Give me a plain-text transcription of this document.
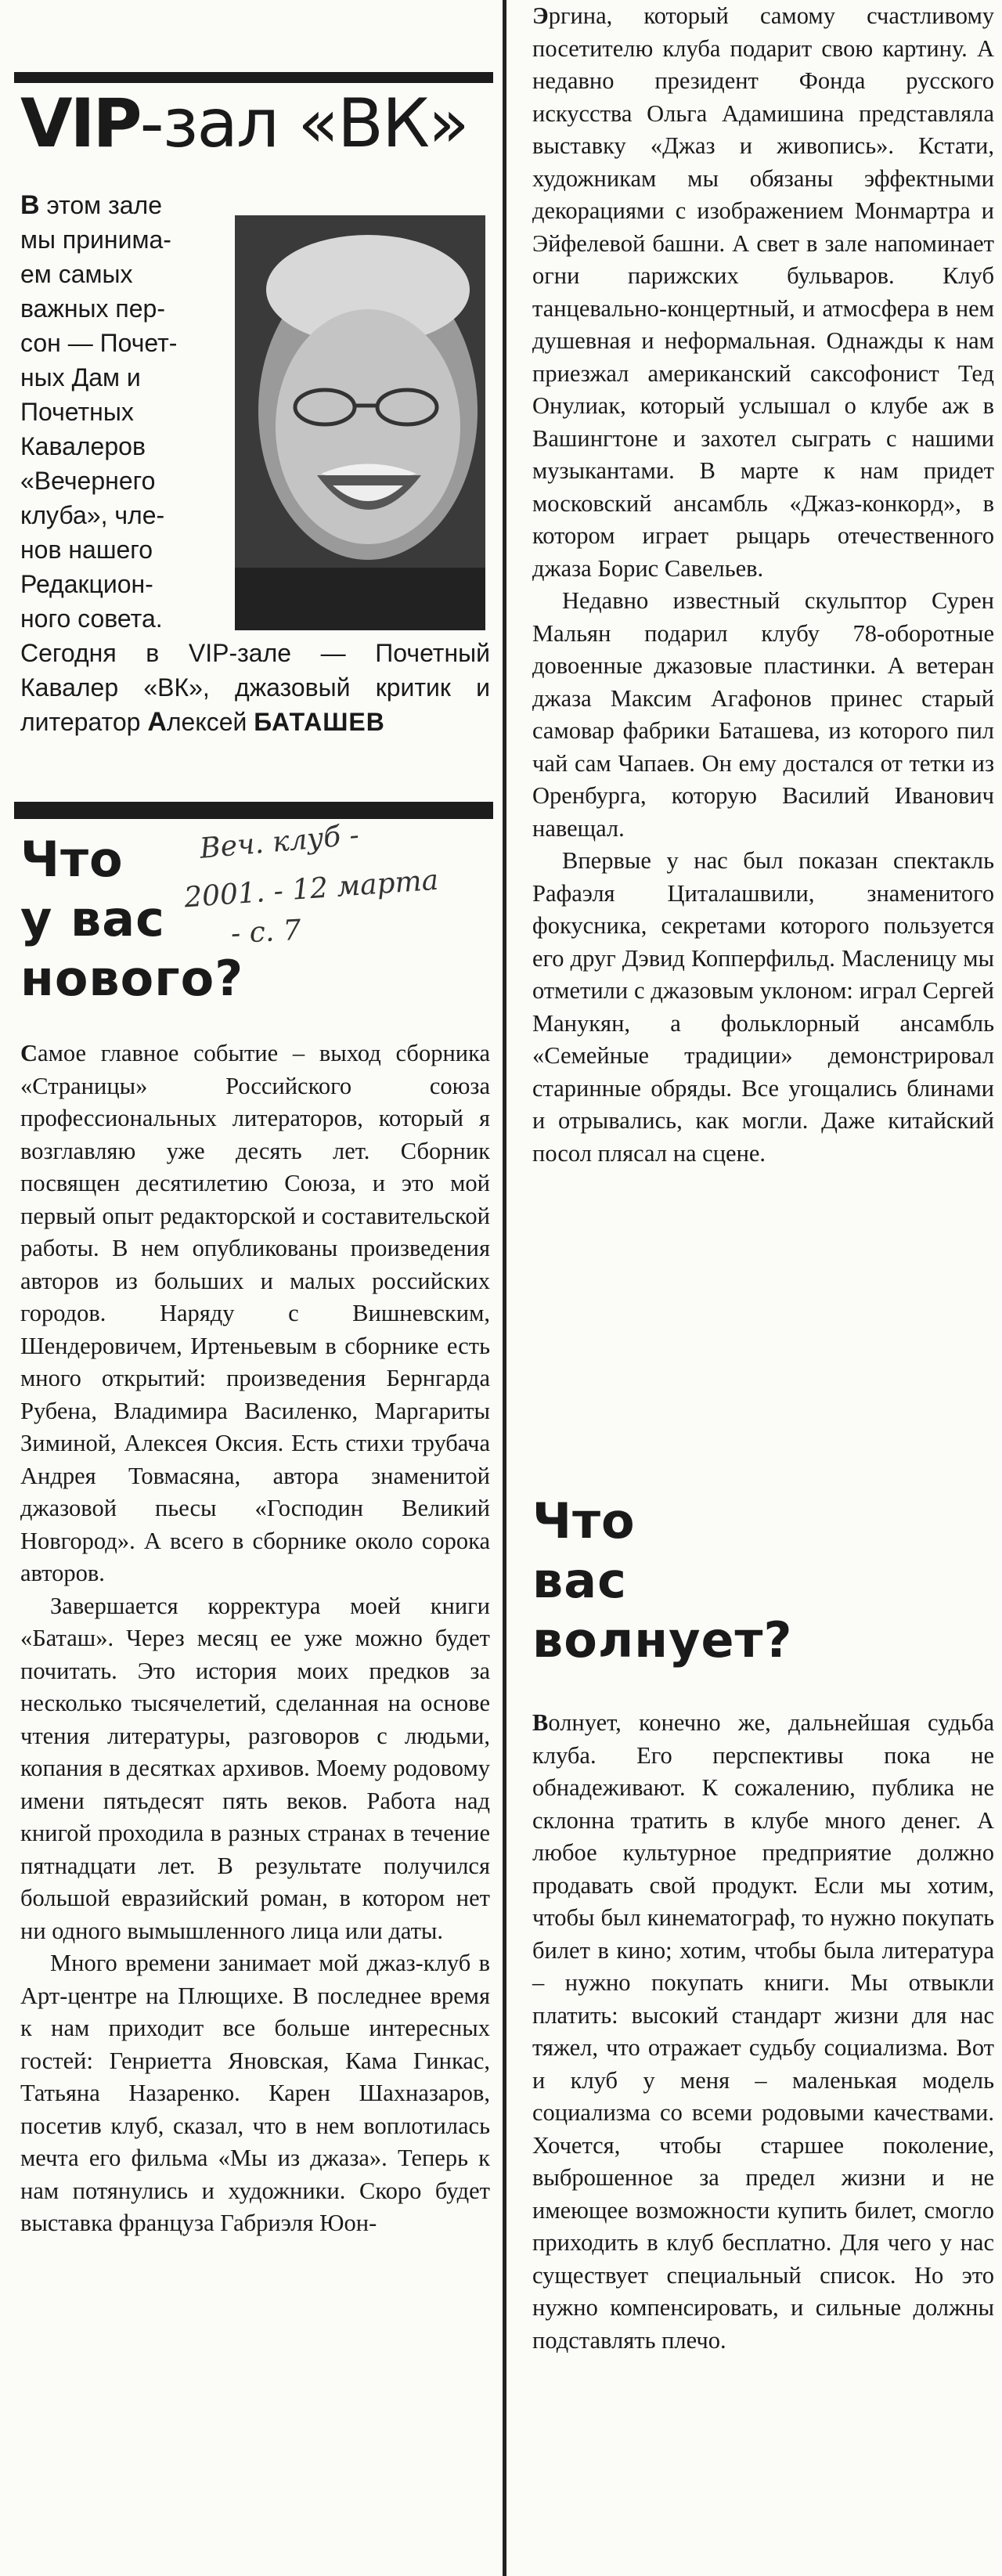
VIP-зал «ВК»
В этом зале
мы принима-
ем самых
важных пер-
сон — Почет-
ных Дам и
Почетных
Кавалеров
«Вечернего
клуба», чле-
нов нашего
Редакцион-
ного совета.
Сегодня в VIP-зале — Почетный Кавалер «ВК», джазовый критик и литератор Алексей БАТАШЕВ
Что
у вас
нового?
Веч. клуб -
2001. - 12 марта
- с. 7

Самое главное событие – выход сборника «Страницы» Российского союза профессиональных литераторов, который я возглавляю уже десять лет. Сборник посвящен десятилетию Союза, и это мой первый опыт редакторской и составительской работы. В нем опубликованы произведения авторов из больших и малых российских городов. Наряду с Вишневским, Шендеровичем, Иртеньевым в сборнике есть много открытий: произведения Бернгарда Рубена, Владимира Василенко, Маргариты Зиминой, Алексея Оксия. Есть стихи трубача Андрея Товмасяна, автора знаменитой джазовой пьесы «Господин Великий Новгород». А всего в сборнике около сорока авторов.

Завершается корректура моей книги «Баташ». Через месяц ее уже можно будет почитать. Это история моих предков за несколько тысячелетий, сделанная на основе чтения литературы, разговоров с людьми, копания в десятках архивов. Моему родовому имени пятьдесят пять веков. Работа над книгой проходила в разных странах в течение пятнадцати лет. В результате получился большой евразийский роман, в котором нет ни одного вымышленного лица или даты.

Много времени занимает мой джаз-клуб в Арт-центре на Плющихе. В последнее время к нам приходит все больше интересных гостей: Генриетта Яновская, Кама Гинкас, Татьяна Назаренко. Карен Шахназаров, посетив клуб, сказал, что в нем воплотилась мечта его фильма «Мы из джаза». Теперь к нам потянулись и художники. Скоро будет выставка француза Габриэля Юон-

Эргина, который самому счастливому посетителю клуба подарит свою картину. А недавно президент Фонда русского искусства Ольга Адамишина представляла выставку «Джаз и живопись». Кстати, художникам мы обязаны эффектными декорациями с изображением Монмартра и Эйфелевой башни. А свет в зале напоминает огни парижских бульваров. Клуб танцевально-концертный, и атмосфера в нем душевная и неформальная. Однажды к нам приезжал американский саксофонист Тед Онулиак, который услышал о клубе аж в Вашингтоне и захотел сыграть с нашими музыкантами. В марте к нам придет московский ансамбль «Джаз-конкорд», в котором играет рыцарь отечественного джаза Борис Савельев.

Недавно известный скульптор Сурен Мальян подарил клубу 78-оборотные довоенные джазовые пластинки. А ветеран джаза Максим Агафонов принес старый самовар фабрики Баташева, из которого пил чай сам Чапаев. Он ему достался от тетки из Оренбурга, которую Василий Иванович навещал.

Впервые у нас был показан спектакль Рафаэля Циталашвили, знаменитого фокусника, секретами которого пользуется его друг Дэвид Копперфильд. Масленицу мы отметили с джазовым уклоном: играл Сергей Манукян, а фольклорный ансамбль «Семейные традиции» демонстрировал старинные обряды. Все угощались блинами и отрывались, как могли. Даже китайский посол плясал на сцене.

Что
вас
волнует?

Волнует, конечно же, дальнейшая судьба клуба. Его перспективы пока не обнадеживают. К сожалению, публика не склонна тратить в клубе много денег. А любое культурное предприятие должно продавать свой продукт. Если мы хотим, чтобы был кинематограф, то нужно покупать билет в кино; хотим, чтобы была литература – нужно покупать книги. Мы отвыкли платить: высокий стандарт жизни для нас тяжел, что отражает судьбу социализма. Вот и клуб у меня – маленькая модель социализма со всеми родовыми качествами. Хочется, чтобы старшее поколение, выброшенное за предел жизни и не имеющее возможности купить билет, смогло приходить в клуб бесплатно. Для чего у нас существует специальный список. Но это нужно компенсировать, и сильные должны подставлять плечо.
